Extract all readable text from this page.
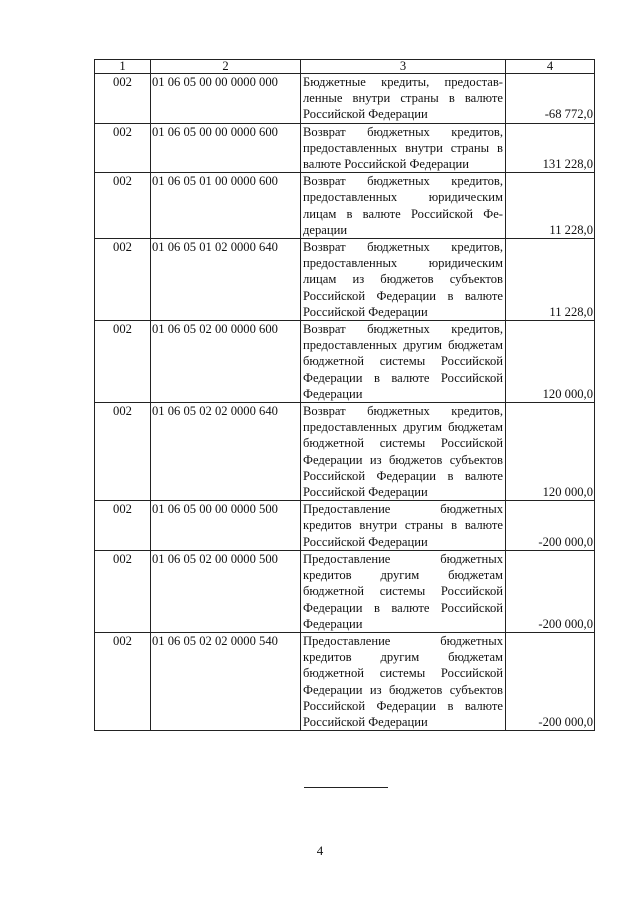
1	2	3	4
002	01 06 05 00 00 0000 000	Бюджетные кредиты, предоставленные внутри страны в валюте Российской Федерации	-68 772,0
002	01 06 05 00 00 0000 600	Возврат бюджетных кредитов, предоставленных внутри страны в валюте Российской Федерации	131 228,0
002	01 06 05 01 00 0000 600	Возврат бюджетных кредитов, предоставленных юридическим лицам в валюте Российской Федерации	11 228,0
002	01 06 05 01 02 0000 640	Возврат бюджетных кредитов, предоставленных юридическим лицам из бюджетов субъектов Российской Федерации в валюте Российской Федерации	11 228,0
002	01 06 05 02 00 0000 600	Возврат бюджетных кредитов, предоставленных другим бюджетам бюджетной системы Российской Федерации в валюте Российской Федерации	120 000,0
002	01 06 05 02 02 0000 640	Возврат бюджетных кредитов, предоставленных другим бюджетам бюджетной системы Российской Федерации из бюджетов субъектов Российской Федерации в валюте Российской Федерации	120 000,0
002	01 06 05 00 00 0000 500	Предоставление бюджетных кредитов внутри страны в валюте Российской Федерации	-200 000,0
002	01 06 05 02 00 0000 500	Предоставление бюджетных кредитов другим бюджетам бюджетной системы Российской Федерации в валюте Российской Федерации	-200 000,0
002	01 06 05 02 02 0000 540	Предоставление бюджетных кредитов другим бюджетам бюджетной системы Российской Федерации из бюджетов субъектов Российской Федерации в валюте Российской Федерации	-200 000,0
4
